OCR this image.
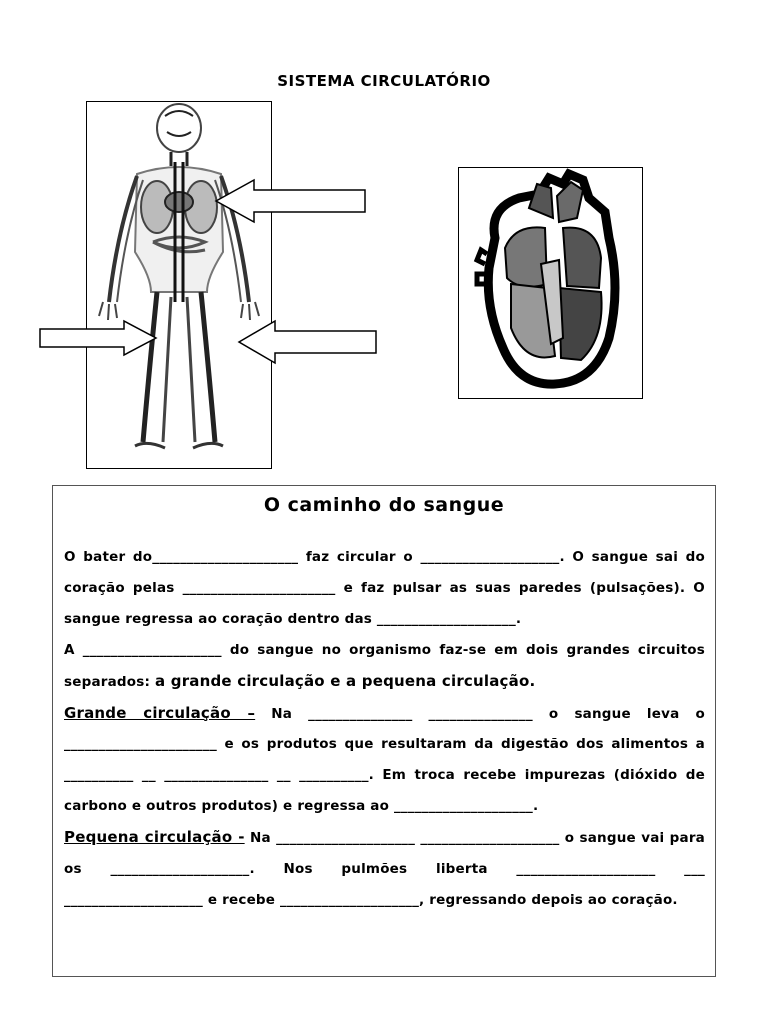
SISTEMA CIRCULATÓRIO
O caminho do sangue

O bater do_____________________ faz circular o ____________________. O sangue sai do coração pelas ______________________ e faz pulsar as suas paredes (pulsações). O sangue regressa ao coração dentro das ____________________.

A ____________________ do sangue no organismo faz-se em dois grandes circuitos separados: a grande circulação e a pequena circulação.

Grande circulação – Na _______________ _______________ o sangue leva o ______________________ e os produtos que resultaram da digestão dos alimentos a __________ __ _______________ __ __________. Em troca recebe impurezas (dióxido de carbono e outros produtos) e regressa ao ____________________.

Pequena circulação - Na ____________________ ____________________ o sangue vai para os ____________________. Nos pulmões liberta ____________________ ___ ____________________ e recebe ____________________, regressando depois ao coração.
